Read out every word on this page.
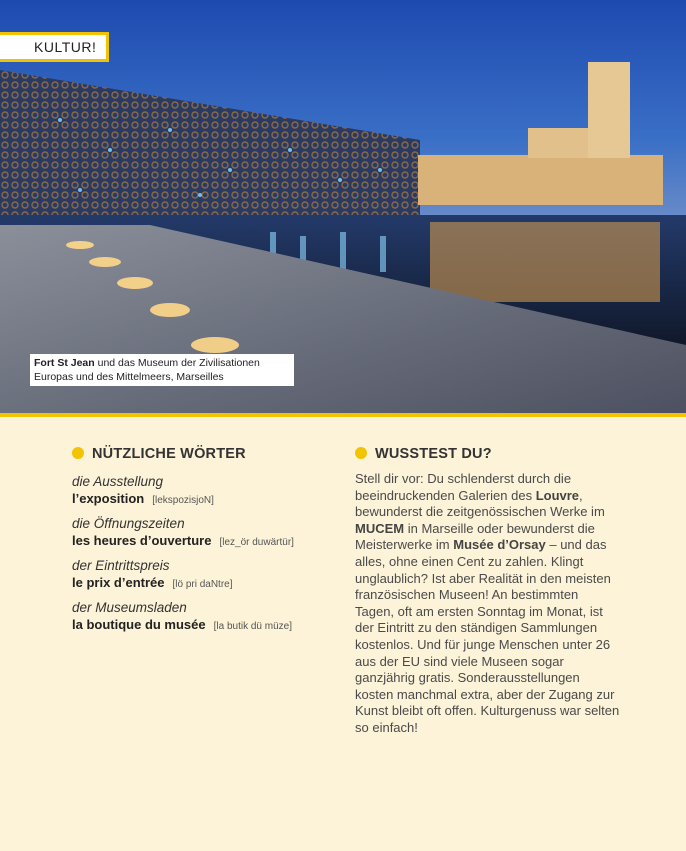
KULTUR!
Fort St Jean und das Museum der Zivilisationen Europas und des Mittelmeers, Marseilles
NÜTZLICHE WÖRTER
die Ausstellung
l’exposition [lekspozisjoN]
die Öffnungszeiten
les heures d’ouverture [lez_ör duwärtür]
der Eintrittspreis
le prix d’entrée [lö pri daNtre]
der Museumsladen
la boutique du musée [la butik dü müze]
WUSSTEST DU?
Stell dir vor: Du schlenderst durch die beeindruckenden Galerien des Louvre, bewunderst die zeitgenössischen Werke im MUCEM in Marseille oder bewunderst die Meisterwerke im Musée d’Orsay – und das alles, ohne einen Cent zu zahlen. Klingt unglaublich? Ist aber Realität in den meisten französischen Museen! An bestimmten Tagen, oft am ersten Sonntag im Monat, ist der Eintritt zu den ständigen Sammlungen kostenlos. Und für junge Menschen unter 26 aus der EU sind viele Museen sogar ganzjährig gratis. Sonderausstellungen kosten manchmal extra, aber der Zugang zur Kunst bleibt oft offen. Kulturgenuss war selten so einfach!
